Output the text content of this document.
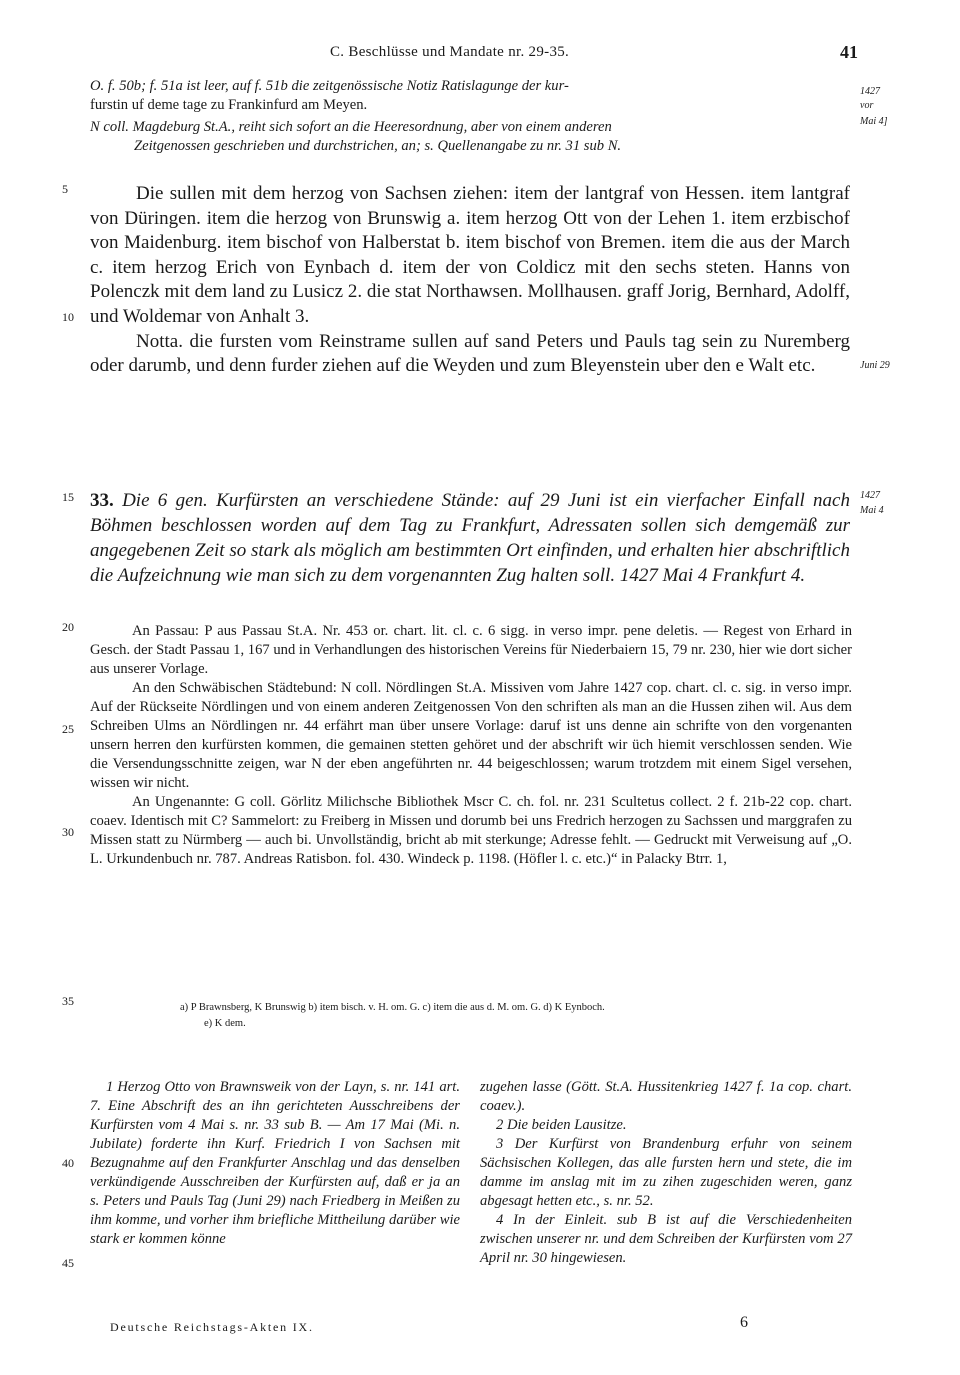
C. Beschlüsse und Mandate nr. 29-35.	41
5
10
15
20
25
30
35
40
45
1427
vor
Mai 4]
Juni 29
1427
Mai 4
O. f. 50b; f. 51a ist leer, auf f. 51b die zeitgenössische Notiz Ratislagunge der kur-
furstin uf deme tage zu Frankinfurd am Meyen.
N coll. Magdeburg St.A., reiht sich sofort an die Heeresordnung, aber von einem anderen
Zeitgenossen geschrieben und durchstrichen, an; s. Quellenangabe zu nr. 31 sub N.

Die sullen mit dem herzog von Sachsen ziehen: item der lantgraf von Hessen. item lantgraf von Düringen. item die herzog von Brunswig a. item herzog Ott von der Lehen 1. item erzbischof von Maidenburg. item bischof von Halberstat b. item bischof von Bremen. item die aus der March c. item herzog Erich von Eynbach d. item der von Coldicz mit den sechs steten. Hanns von Polenczk mit dem land zu Lusicz 2. die stat Northawsen. Mollhausen. graff Jorig, Bernhard, Adolff, und Woldemar von Anhalt 3.

Notta. die fursten vom Reinstrame sullen auf sand Peters und Pauls tag sein zu Nuremberg oder darumb, und denn furder ziehen auf die Weyden und zum Bleyenstein uber den e Walt etc.

33. Die 6 gen. Kurfürsten an verschiedene Stände: auf 29 Juni ist ein vierfacher Einfall nach Böhmen beschlossen worden auf dem Tag zu Frankfurt, Adressaten sollen sich demgemäß zur angegebenen Zeit so stark als möglich am bestimmten Ort einfinden, und erhalten hier abschriftlich die Aufzeichnung wie man sich zu dem vorgenannten Zug halten soll. 1427 Mai 4 Frankfurt 4.

An Passau: P aus Passau St.A. Nr. 453 or. chart. lit. cl. c. 6 sigg. in verso impr. pene deletis. — Regest von Erhard in Gesch. der Stadt Passau 1, 167 und in Verhandlungen des historischen Vereins für Niederbaiern 15, 79 nr. 230, hier wie dort sicher aus unserer Vorlage.

An den Schwäbischen Städtebund: N coll. Nördlingen St.A. Missiven vom Jahre 1427 cop. chart. cl. c. sig. in verso impr. Auf der Rückseite Nördlingen und von einem anderen Zeitgenossen Von den schriften als man an die Hussen zihen wil. Aus dem Schreiben Ulms an Nördlingen nr. 44 erfährt man über unsere Vorlage: daruf ist uns denne ain schrifte von den vorgenanten unsern herren den kurfürsten kommen, die gemainen stetten gehöret und der abschrift wir üch hiemit verschlossen senden. Wie die Versendungsschnitte zeigen, war N der eben angeführten nr. 44 beigeschlossen; warum trotzdem mit einem Sigel versehen, wissen wir nicht.

An Ungenannte: G coll. Görlitz Milichsche Bibliothek Mscr C. ch. fol. nr. 231 Scultetus collect. 2 f. 21b-22 cop. chart. coaev. Identisch mit C? Sammelort: zu Freiberg in Missen und dorumb bei uns Fredrich herzogen zu Sachssen und marggrafen zu Missen statt zu Nürmberg — auch bi. Unvollständig, bricht ab mit sterkunge; Adresse fehlt. — Gedruckt mit Verweisung auf „O. L. Urkundenbuch nr. 787. Andreas Ratisbon. fol. 430. Windeck p. 1198. (Höfler l. c. etc.)“ in Palacky Btrr. 1,

a) P Brawnsberg, K Brunswig b) item bisch. v. H. om. G. c) item die aus d. M. om. G. d) K Eynboch.
e) K dem.

1 Herzog Otto von Brawnsweik von der Layn, s. nr. 141 art. 7. Eine Abschrift des an ihn gerichteten Ausschreibens der Kurfürsten vom 4 Mai s. nr. 33 sub B. — Am 17 Mai (Mi. n. Jubilate) forderte ihn Kurf. Friedrich I von Sachsen mit Bezugnahme auf den Frankfurter Anschlag und das denselben verkündigende Ausschreiben der Kurfürsten auf, daß er ja an s. Peters und Pauls Tag (Juni 29) nach Friedberg in Meißen zu ihm komme, und vorher ihm briefliche Mittheilung darüber wie stark er kommen könne

zugehen lasse (Gött. St.A. Hussitenkrieg 1427 f. 1a cop. chart. coaev.).

2 Die beiden Lausitze.

3 Der Kurfürst von Brandenburg erfuhr von seinem Sächsischen Kollegen, das alle fursten hern und stete, die im damme im anslag mit im zu zihen zugeschiden weren, ganz abgesagt hetten etc., s. nr. 52.

4 In der Einleit. sub B ist auf die Verschiedenheiten zwischen unserer nr. und dem Schreiben der Kurfürsten vom 27 April nr. 30 hingewiesen.

Deutsche Reichstags-Akten IX.	6
